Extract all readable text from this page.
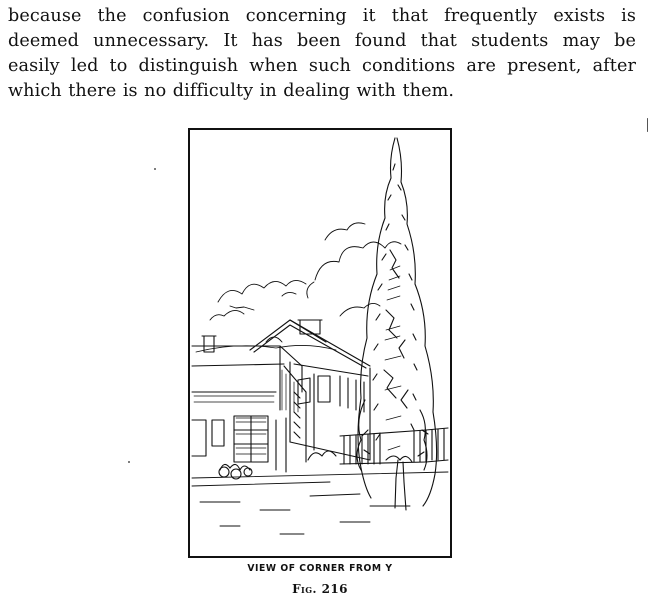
because the confusion concerning it that frequently exists is
deemed unnecessary. It has been found that students may be
easily led to distinguish when such conditions are present, after
which there is no difficulty in dealing with them.

VIEW OF CORNER FROM Y
Fig. 216
